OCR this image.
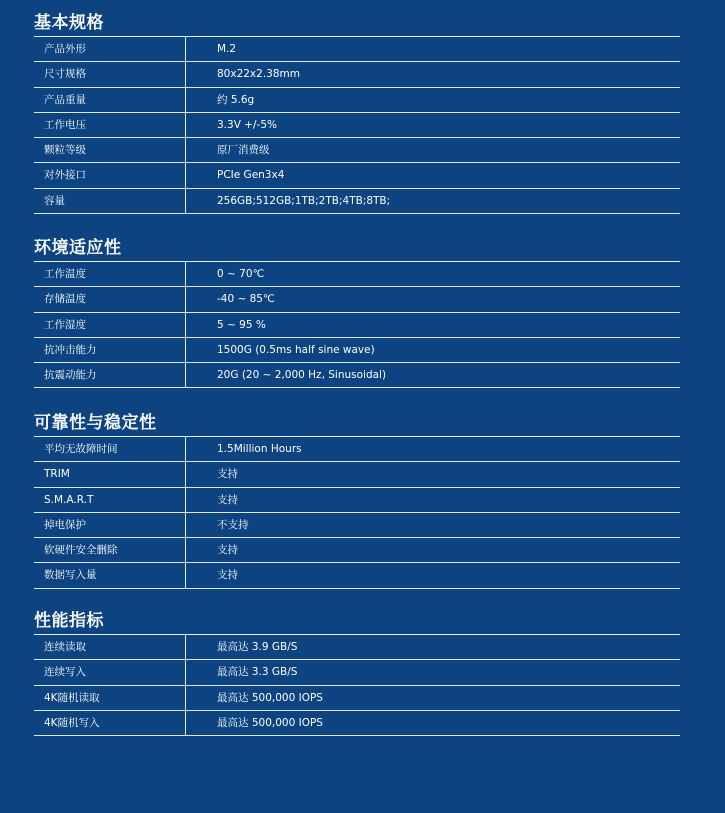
基本规格
产品外形	M.2
尺寸规格	80x22x2.38mm
产品重量	约 5.6g
工作电压	3.3V +/-5%
颗粒等级	原厂消费级
对外接口	PCIe Gen3x4
容量	256GB;512GB;1TB;2TB;4TB;8TB;
环境适应性
工作温度	0 ~ 70℃
存储温度	-40 ~ 85℃
工作湿度	5 ~ 95 %
抗冲击能力	1500G (0.5ms half sine wave)
抗震动能力	20G (20 ~ 2,000 Hz, Sinusoidal)
可靠性与稳定性
平均无故障时间	1.5Million Hours
TRIM	支持
S.M.A.R.T	支持
掉电保护	不支持
软硬件安全删除	支持
数据写入量	支持
性能指标
连续读取	最高达 3.9 GB/S
连续写入	最高达 3.3 GB/S
4K随机读取	最高达 500,000 IOPS
4K随机写入	最高达 500,000 IOPS
